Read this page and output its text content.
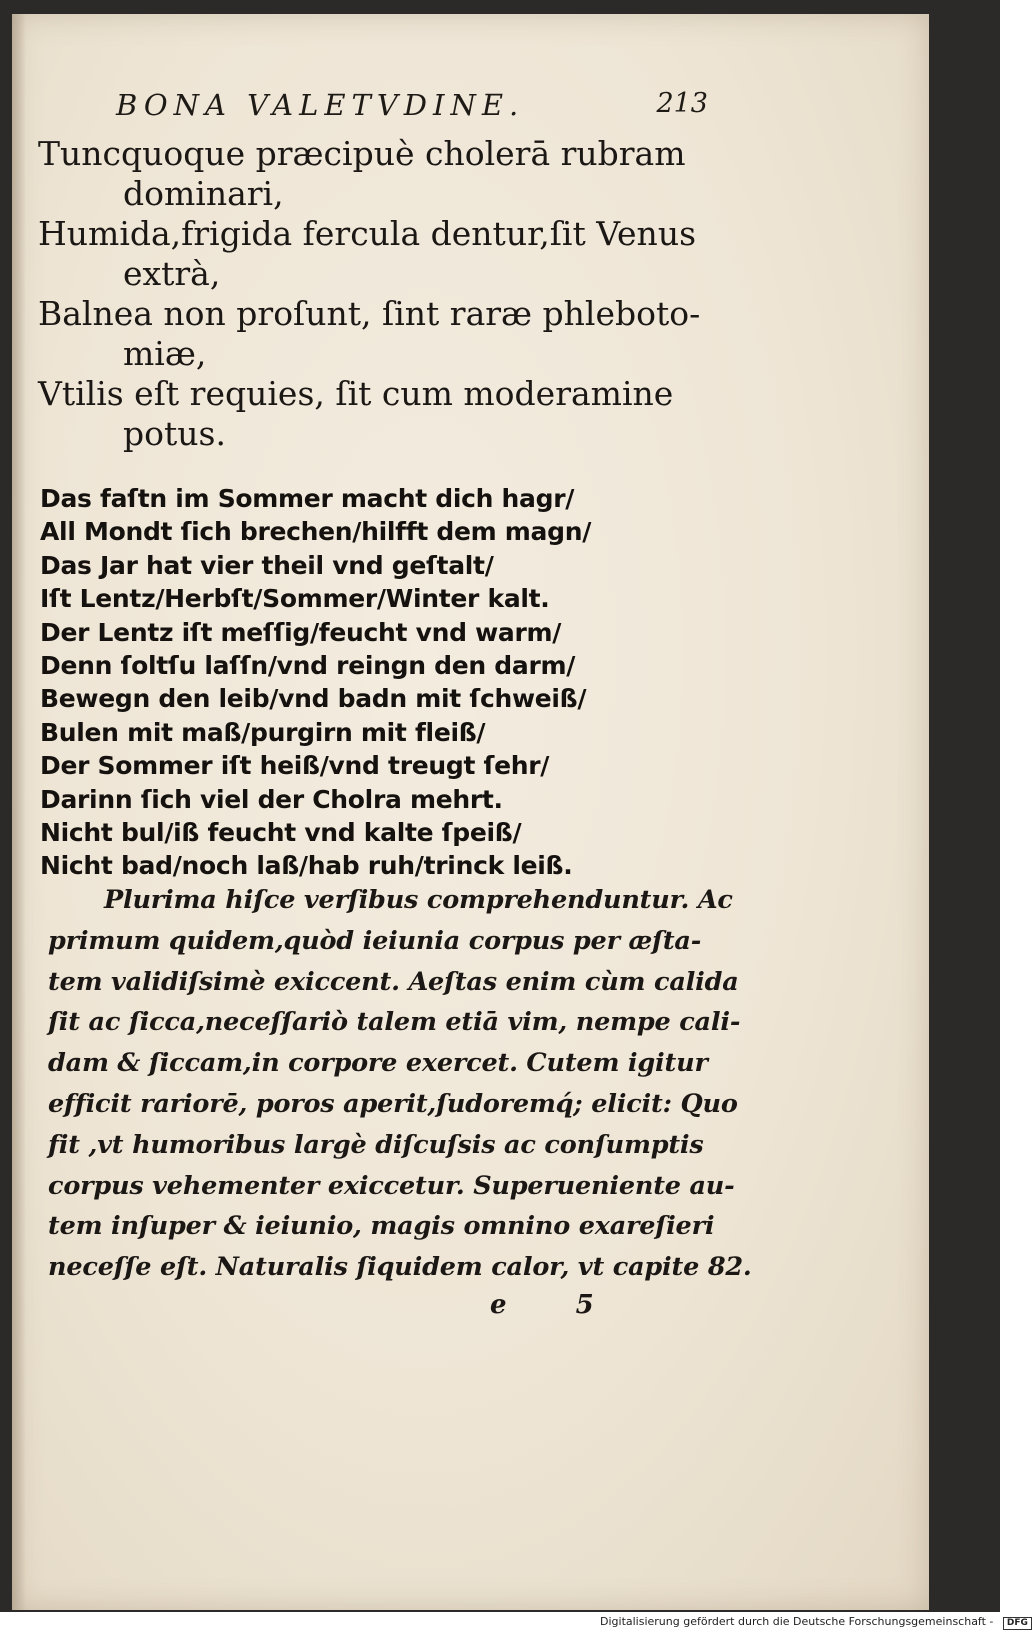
BONA VALETVDINE.	213
Tuncquoque præcipuè cholerā rubram
dominari,
Humida,frigida fercula dentur,ſit Venus
extrà,
Balnea non proſunt, ſint raræ phleboto-
miæ,
Vtilis eſt requies, ſit cum moderamine
potus.
Das faſtn im Sommer macht dich hagr/
All Mondt ſich brechen/hilfft dem magn/
Das Jar hat vier theil vnd geſtalt/
Iſt Lentz/Herbſt/Sommer/Winter kalt.
Der Lentz iſt meſſig/feucht vnd warm/
Denn ſoltſu laſſn/vnd reingn den darm/
Bewegn den leib/vnd badn mit ſchweiß/
Bulen mit maß/purgirn mit fleiß/
Der Sommer iſt heiß/vnd treugt ſehr/
Darinn ſich viel der Cholra mehrt.
Nicht bul/iß feucht vnd kalte ſpeiß/
Nicht bad/noch laß/hab ruh/trinck leiß.
Plurima hiſce verſibus comprehenduntur. Ac
primum quidem,quòd ieiunia corpus per æſta-
tem validiſsimè exiccent. Aeſtas enim cùm calida
ſit ac ſicca,neceſſariò talem etiā vim, nempe cali-
dam & ſiccam,in corpore exercet. Cutem igitur
efficit rariorē, poros aperit,ſudoremq́; elicit: Quo
fit ,vt humoribus largè diſcuſsis ac conſumptis
corpus vehementer exiccetur. Superueniente au-
tem inſuper & ieiunio, magis omnino exareſieri
neceſſe eſt. Naturalis ſiquidem calor, vt capite 82.
e 5
Digitalisierung gefördert durch die Deutsche Forschungsgemeinschaft - DFG
